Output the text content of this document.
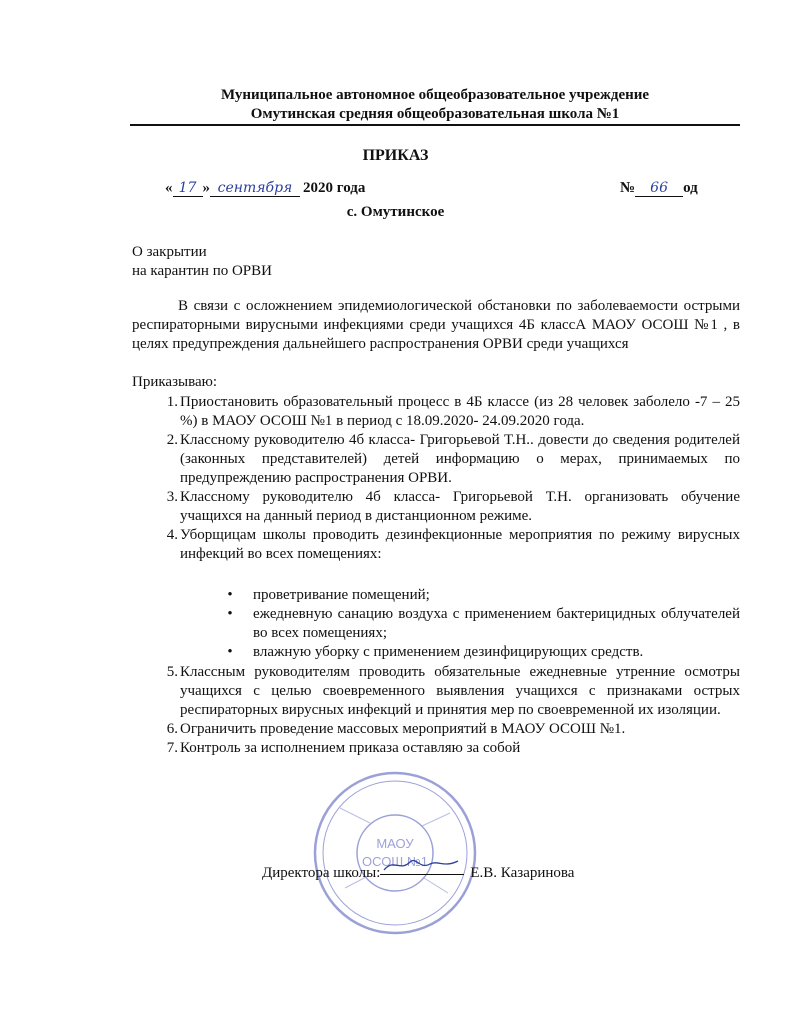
Муниципальное автономное общеобразовательное учреждение
Омутинская средняя общеобразовательная школа №1
ПРИКАЗ
« 17 » сентября 2020 года	№ 66 од
с. Омутинское
О закрытии
на карантин по ОРВИ
В связи с осложнением эпидемиологической обстановки по заболеваемости острыми респираторными вирусными инфекциями среди учащихся 4Б классА МАОУ ОСОШ №1 , в целях предупреждения дальнейшего распространения ОРВИ среди учащихся
Приказываю:
1. Приостановить образовательный процесс в 4Б классе (из 28 человек заболело -7 – 25 %) в МАОУ ОСОШ №1 в период с 18.09.2020- 24.09.2020 года.
2. Классному руководителю 4б класса- Григорьевой Т.Н.. довести до сведения родителей (законных представителей) детей информацию о мерах, принимаемых по предупреждению распространения ОРВИ.
3. Классному руководителю 4б класса- Григорьевой Т.Н. организовать обучение учащихся на данный период в дистанционном режиме.
4. Уборщицам школы проводить дезинфекционные мероприятия по режиму вирусных инфекций во всех помещениях:
• проветривание помещений;
• ежедневную санацию воздуха с применением бактерицидных облучателей во всех помещениях;
• влажную уборку с применением дезинфицирующих средств.
5. Классным руководителям проводить обязательные ежедневные утренние осмотры учащихся с целью своевременного выявления учащихся с признаками острых респираторных вирусных инфекций и принятия мер по своевременной их изоляции.
6. Ограничить проведение массовых мероприятий в МАОУ ОСОШ №1.
7. Контроль за исполнением приказа оставляю за собой
МАОУ
ОСОШ №1
Директора школы:	Е.В. Казаринова
